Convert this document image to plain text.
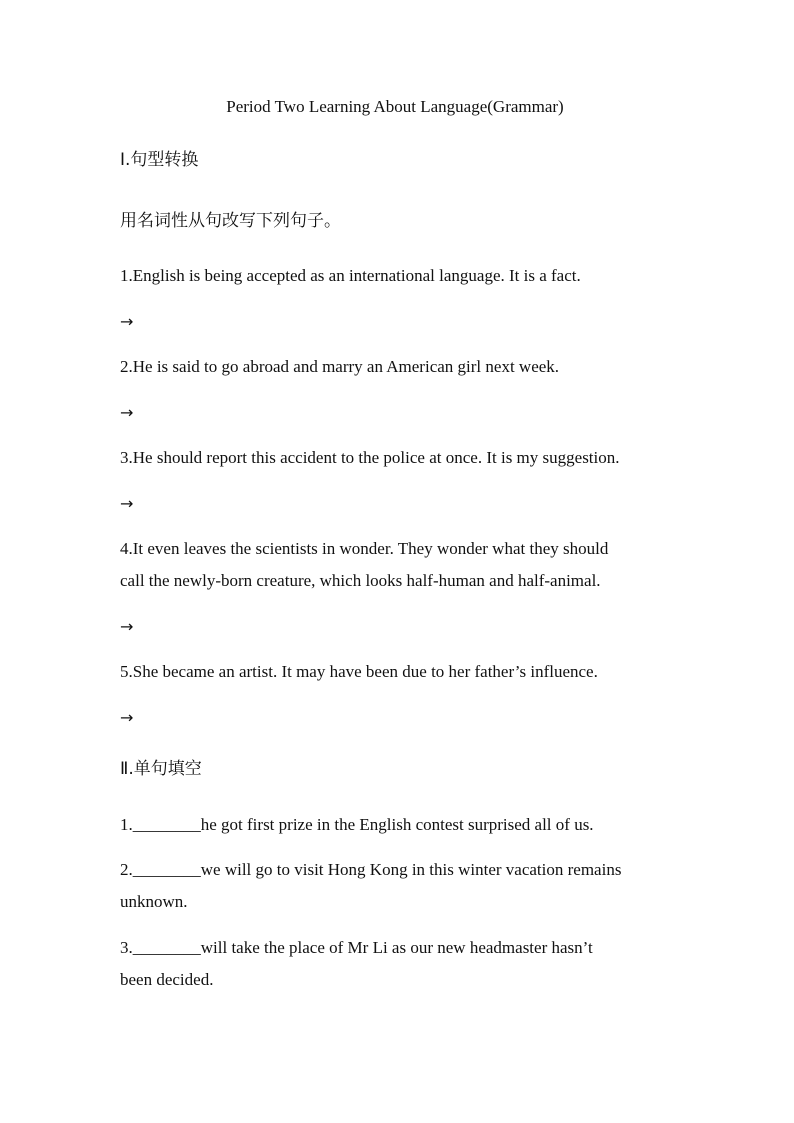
Period Two Learning About Language(Grammar)
Ⅰ.句型转换
用名词性从句改写下列句子。
1.English is being accepted as an international language. It is a fact.
→
2.He is said to go abroad and marry an American girl next week.
→
3.He should report this accident to the police at once. It is my suggestion.
→
4.It even leaves the scientists in wonder. They wonder what they should
call the newly-born creature, which looks half-human and half-animal.
→
5.She became an artist. It may have been due to her father’s influence.
→
Ⅱ.单句填空
1.________he got first prize in the English contest surprised all of us.
2.________we will go to visit Hong Kong in this winter vacation remains
unknown.
3.________will take the place of Mr Li as our new headmaster hasn’t
been decided.
